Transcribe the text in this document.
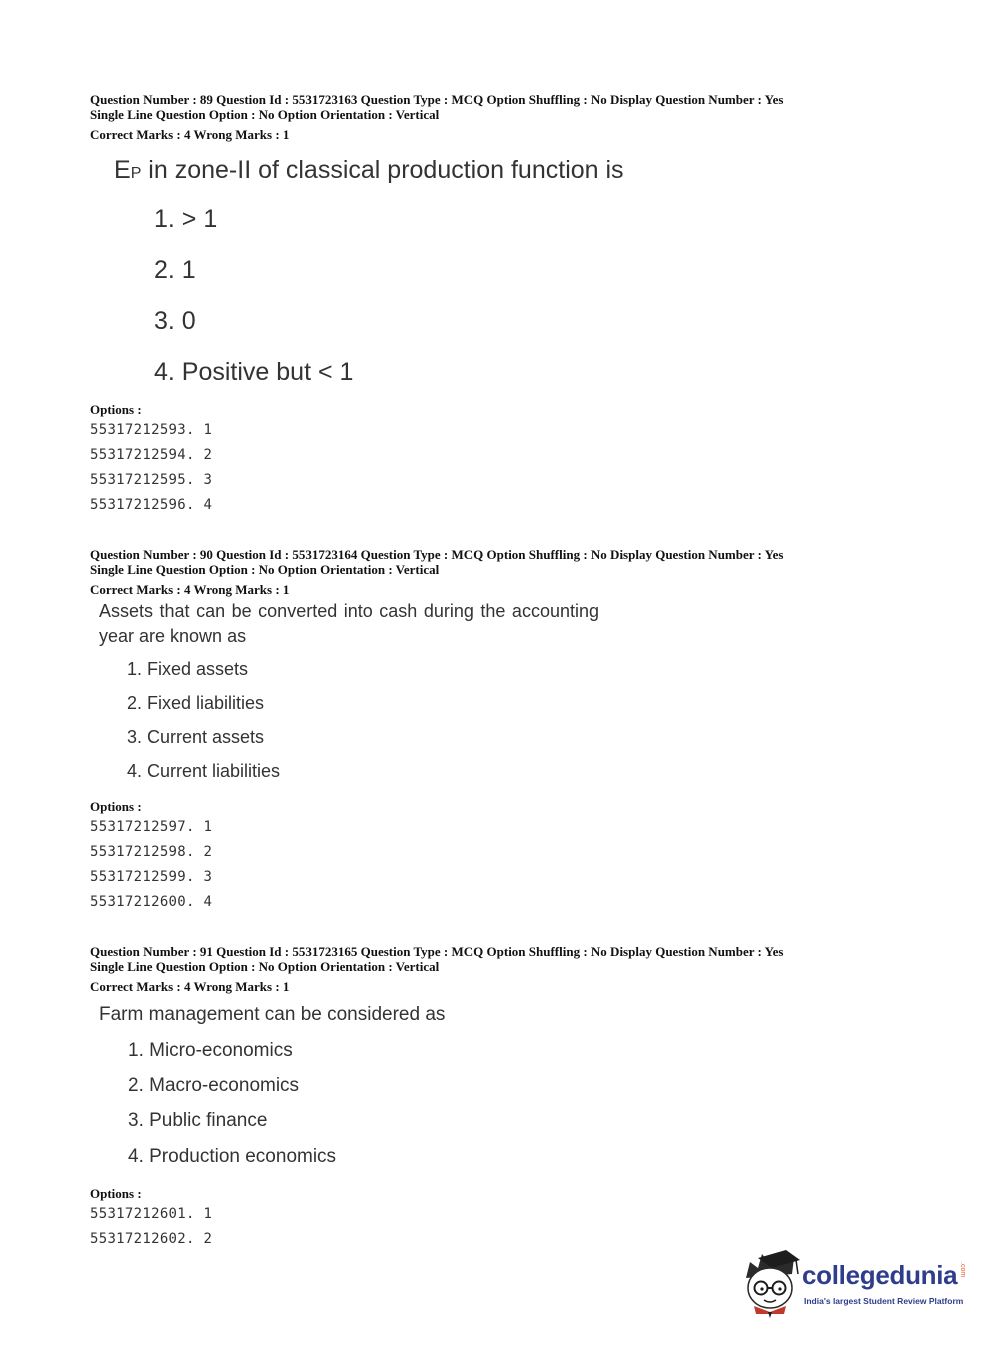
Question Number : 89 Question Id : 5531723163 Question Type : MCQ Option Shuffling : No Display Question Number : Yes
Single Line Question Option : No Option Orientation : Vertical
Correct Marks : 4 Wrong Marks : 1
EP in zone-II of classical production function is
1. > 1
2. 1
3. 0
4. Positive but < 1
Options :
55317212593. 1
55317212594. 2
55317212595. 3
55317212596. 4
Question Number : 90 Question Id : 5531723164 Question Type : MCQ Option Shuffling : No Display Question Number : Yes
Single Line Question Option : No Option Orientation : Vertical
Correct Marks : 4 Wrong Marks : 1
Assets that can be converted into cash during the accounting year are known as
1. Fixed assets
2. Fixed liabilities
3. Current assets
4. Current liabilities
Options :
55317212597. 1
55317212598. 2
55317212599. 3
55317212600. 4
Question Number : 91 Question Id : 5531723165 Question Type : MCQ Option Shuffling : No Display Question Number : Yes
Single Line Question Option : No Option Orientation : Vertical
Correct Marks : 4 Wrong Marks : 1
Farm management can be considered as
1. Micro-economics
2. Macro-economics
3. Public finance
4. Production economics
Options :
55317212601. 1
55317212602. 2
collegedunia .com
India's largest Student Review Platform
